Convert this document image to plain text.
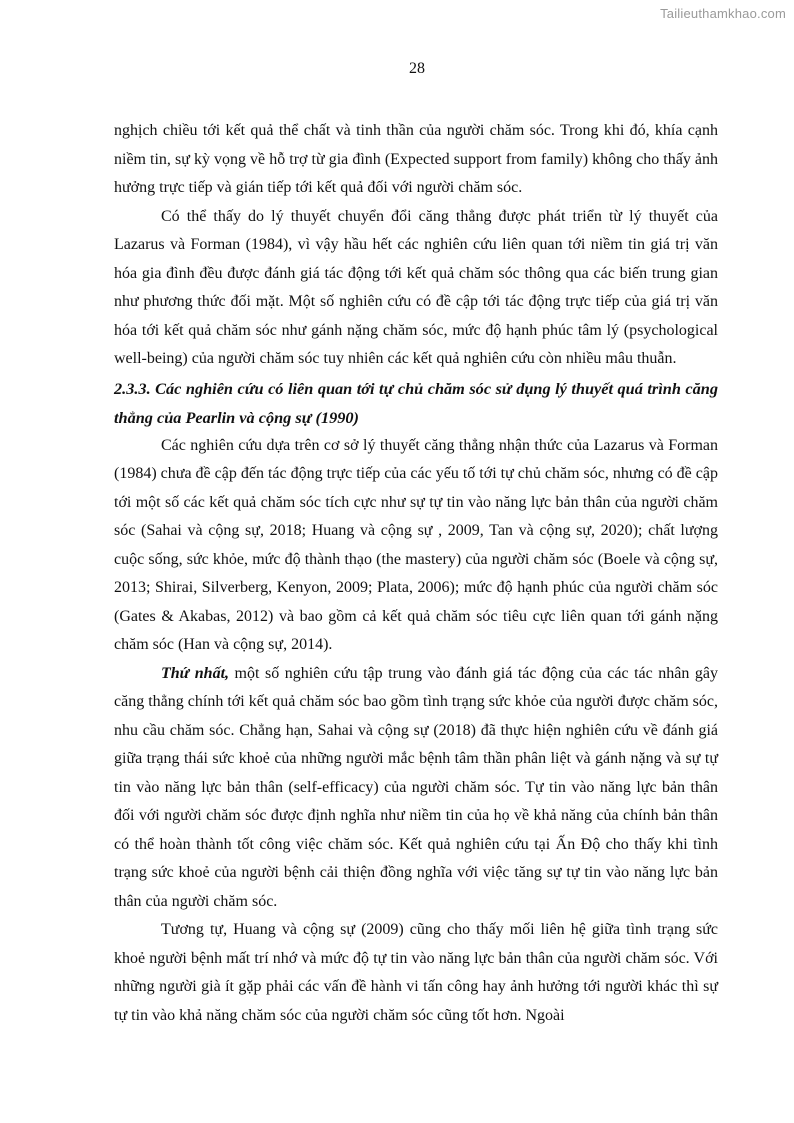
Tailieuthamkhao.com
28

nghịch chiều tới kết quả thể chất và tinh thần của người chăm sóc. Trong khi đó, khía cạnh niềm tin, sự kỳ vọng về hỗ trợ từ gia đình (Expected support from family) không cho thấy ảnh hưởng trực tiếp và gián tiếp tới kết quả đối với người chăm sóc.

Có thể thấy do lý thuyết chuyển đổi căng thẳng được phát triển từ lý thuyết của Lazarus và Forman (1984), vì vậy hầu hết các nghiên cứu liên quan tới niềm tin giá trị văn hóa gia đình đều được đánh giá tác động tới kết quả chăm sóc thông qua các biến trung gian như phương thức đối mặt. Một số nghiên cứu có đề cập tới tác động trực tiếp của giá trị văn hóa tới kết quả chăm sóc như gánh nặng chăm sóc, mức độ hạnh phúc tâm lý (psychological well-being) của người chăm sóc tuy nhiên các kết quả nghiên cứu còn nhiều mâu thuẫn.

2.3.3. Các nghiên cứu có liên quan tới tự chủ chăm sóc sử dụng lý thuyết quá trình căng thẳng của Pearlin và cộng sự (1990)

Các nghiên cứu dựa trên cơ sở lý thuyết căng thẳng nhận thức của Lazarus và Forman (1984) chưa đề cập đến tác động trực tiếp của các yếu tố tới tự chủ chăm sóc, nhưng có đề cập tới một số các kết quả chăm sóc tích cực như sự tự tin vào năng lực bản thân của người chăm sóc (Sahai và cộng sự, 2018; Huang và cộng sự , 2009, Tan và cộng sự, 2020); chất lượng cuộc sống, sức khỏe, mức độ thành thạo (the mastery) của người chăm sóc (Boele và cộng sự, 2013; Shirai, Silverberg, Kenyon, 2009; Plata, 2006); mức độ hạnh phúc của người chăm sóc (Gates & Akabas, 2012) và bao gồm cả kết quả chăm sóc tiêu cực liên quan tới gánh nặng chăm sóc (Han và cộng sự, 2014).

Thứ nhất, một số nghiên cứu tập trung vào đánh giá tác động của các tác nhân gây căng thẳng chính tới kết quả chăm sóc bao gồm tình trạng sức khỏe của người được chăm sóc, nhu cầu chăm sóc. Chẳng hạn, Sahai và cộng sự (2018) đã thực hiện nghiên cứu về đánh giá giữa trạng thái sức khoẻ của những người mắc bệnh tâm thần phân liệt và gánh nặng và sự tự tin vào năng lực bản thân (self-efficacy) của người chăm sóc. Tự tin vào năng lực bản thân đối với người chăm sóc được định nghĩa như niềm tin của họ về khả năng của chính bản thân có thể hoàn thành tốt công việc chăm sóc. Kết quả nghiên cứu tại Ấn Độ cho thấy khi tình trạng sức khoẻ của người bệnh cải thiện đồng nghĩa với việc tăng sự tự tin vào năng lực bản thân của người chăm sóc.

Tương tự, Huang và cộng sự (2009) cũng cho thấy mối liên hệ giữa tình trạng sức khoẻ người bệnh mất trí nhớ và mức độ tự tin vào năng lực bản thân của người chăm sóc. Với những người già ít gặp phải các vấn đề hành vi tấn công hay ảnh hưởng tới người khác thì sự tự tin vào khả năng chăm sóc của người chăm sóc cũng tốt hơn. Ngoài
